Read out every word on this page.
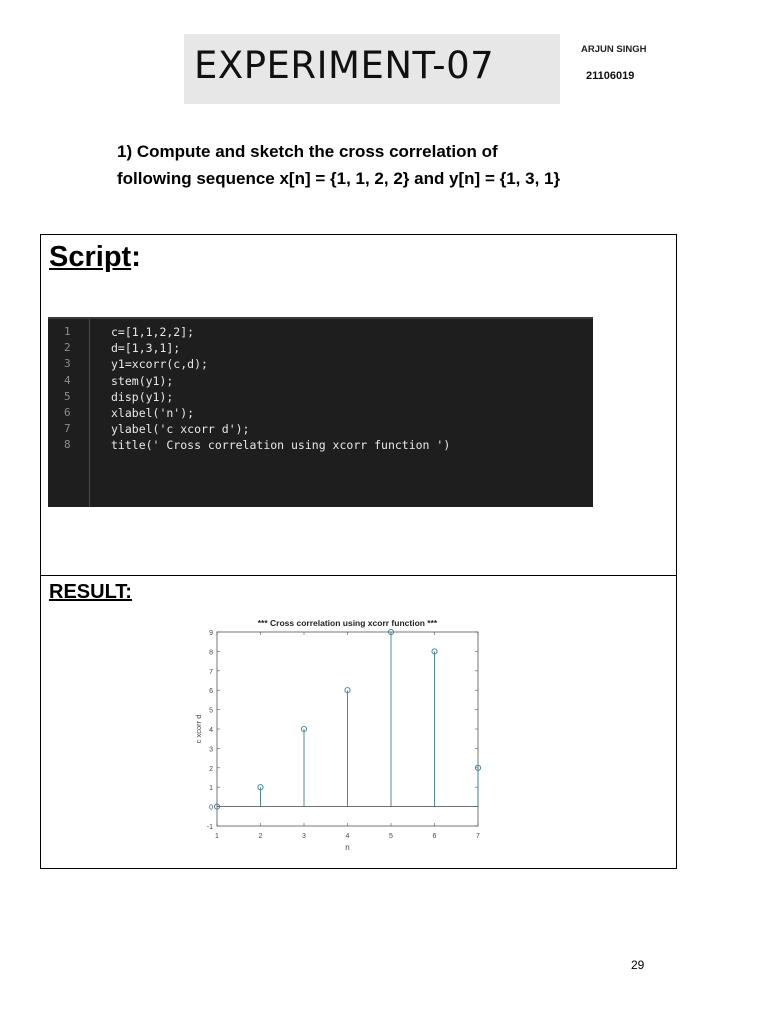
EXPERIMENT-07	ARJUN SINGH
21106019
1) Compute and sketch the cross correlation of
following sequence x[n] = {1, 1, 2, 2} and y[n] = {1, 3, 1}
Script:
1	c=[1,1,2,2];
2	d=[1,3,1];
3	y1=xcorr(c,d);
4	stem(y1);
5	disp(y1);
6	xlabel('n');
7	ylabel('c xcorr d');
8	title(' Cross correlation using xcorr function ')
RESULT:
*** Cross correlation using xcorr function ***
-1
0
1
2
3
4
5
6
7
8
9
1	2	3	4	5	6	7
n
c xcorr d
29
